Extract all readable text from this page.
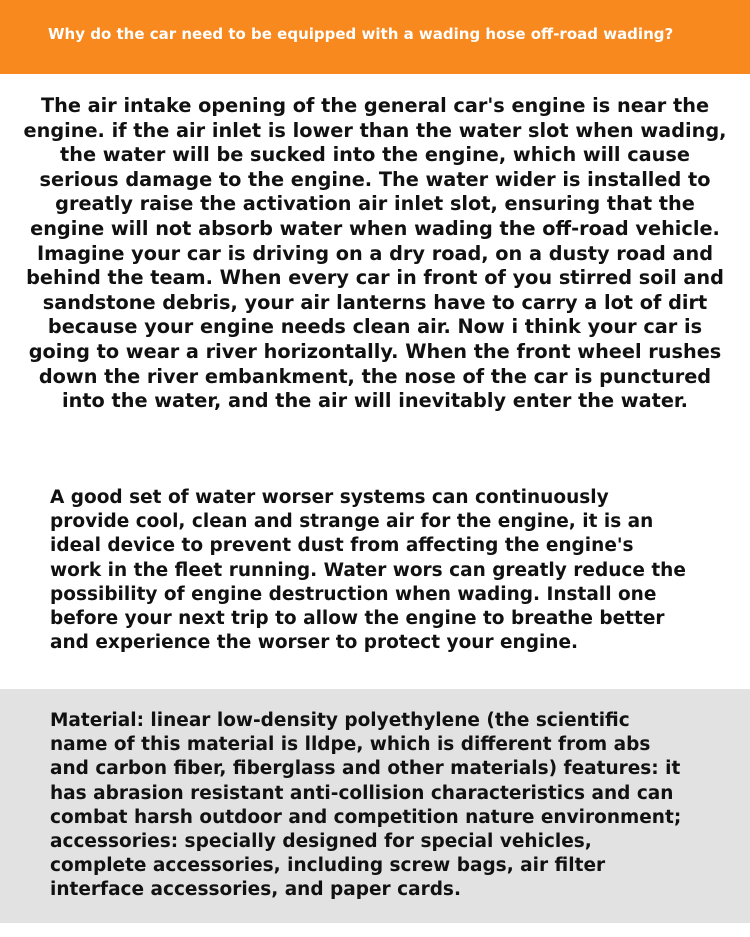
Why do the car need to be equipped with a wading hose off-road wading?

The air intake opening of the general car's engine is near the engine. if the air inlet is lower than the water slot when wading, the water will be sucked into the engine, which will cause serious damage to the engine. The water wider is installed to greatly raise the activation air inlet slot, ensuring that the engine will not absorb water when wading the off-road vehicle. Imagine your car is driving on a dry road, on a dusty road and behind the team. When every car in front of you stirred soil and sandstone debris, your air lanterns have to carry a lot of dirt because your engine needs clean air. Now i think your car is going to wear a river horizontally. When the front wheel rushes down the river embankment, the nose of the car is punctured into the water, and the air will inevitably enter the water.

A good set of water worser systems can continuously provide cool, clean and strange air for the engine, it is an ideal device to prevent dust from affecting the engine's work in the fleet running. Water wors can greatly reduce the possibility of engine destruction when wading. Install one before your next trip to allow the engine to breathe better and experience the worser to protect your engine.

Material: linear low-density polyethylene (the scientific name of this material is lldpe, which is different from abs and carbon fiber, fiberglass and other materials) features: it has abrasion resistant anti-collision characteristics and can combat harsh outdoor and competition nature environment; accessories: specially designed for special vehicles, complete accessories, including screw bags, air filter interface accessories, and paper cards.
